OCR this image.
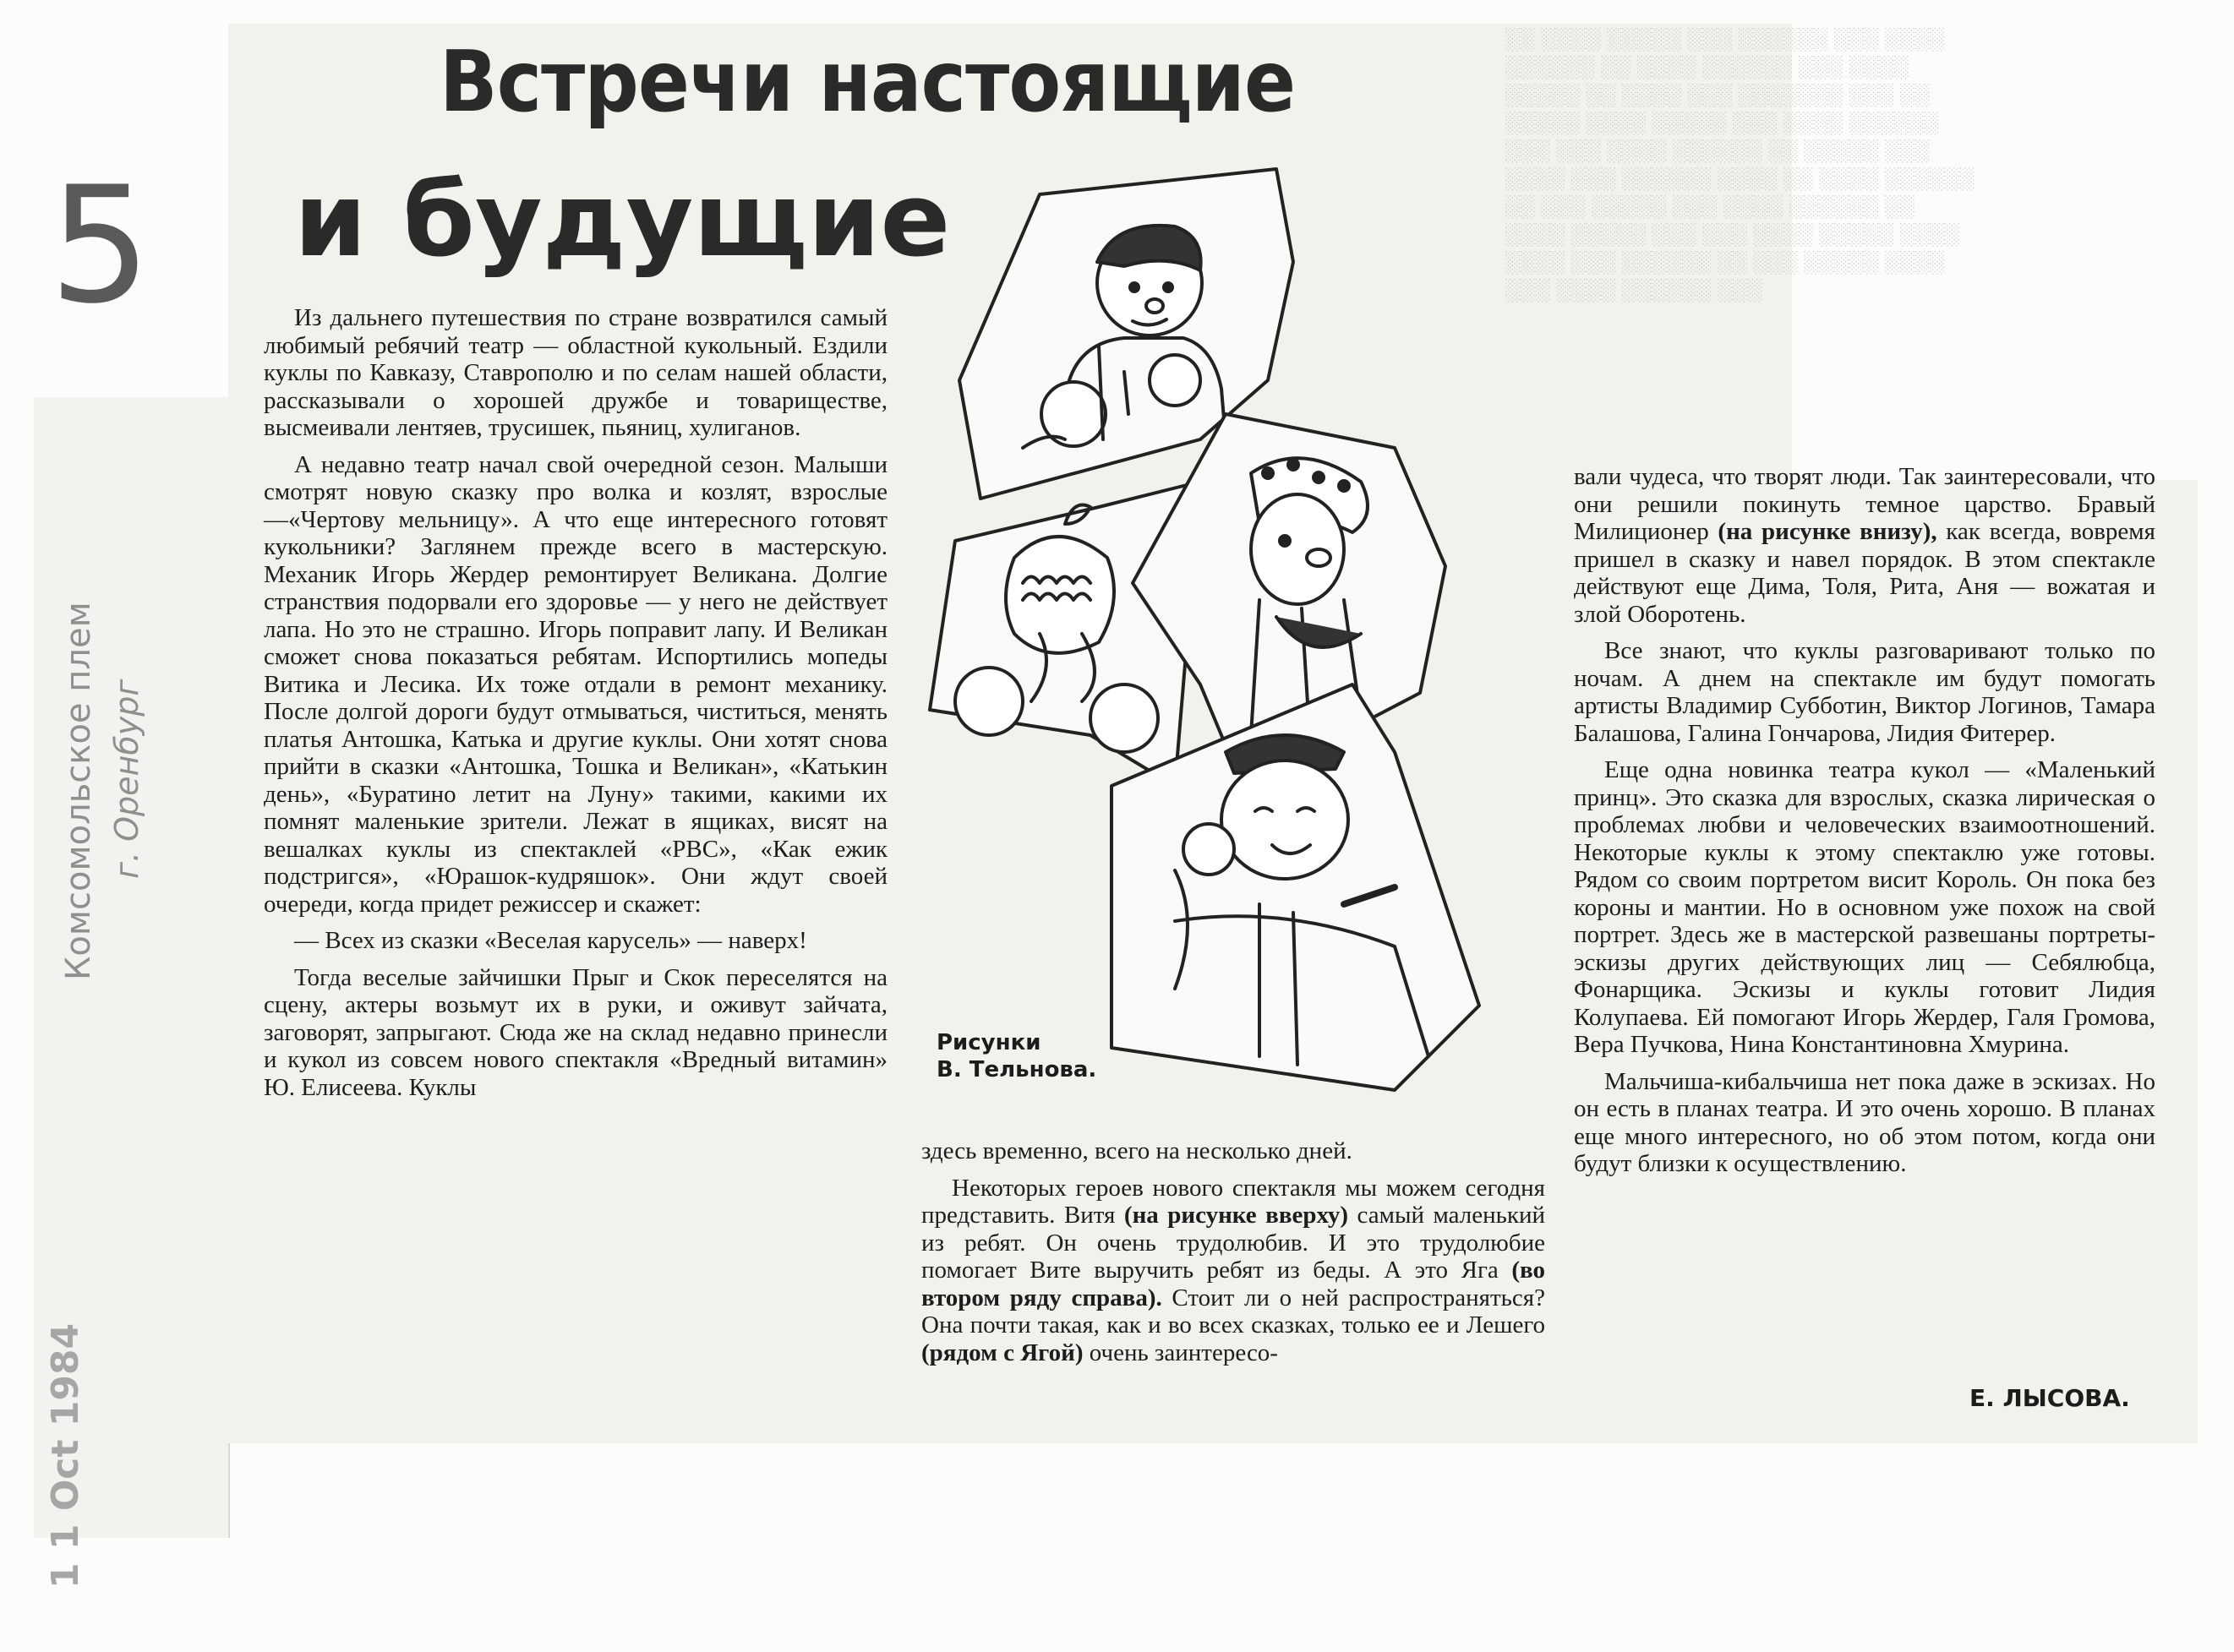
░░ ░░░░ ░░░░░ ░░░ ░░░░░░ ░░░ ░░░░ ░░░░░░ ░░ ░░░░ ░░░░░░ ░░░ ░░░░ ░░░░░ ░░ ░░░░ ░░░ ░░░░░░░ ░░░ ░░ ░░░░░ ░░░░ ░░░░░ ░░░ ░░░░ ░░░░░░ ░░░ ░░░ ░░░░ ░░░░░░ ░░ ░░░░░ ░░░ ░░░░ ░░░ ░░░░░░ ░░░░ ░░ ░░░░ ░░░░░░ ░░ ░░░ ░░░░░ ░░░ ░░░░ ░░░░░░ ░░ ░░░░ ░░░░░ ░░░ ░░░ ░░░░ ░░░░░ ░░░░ ░░░░ ░░░ ░░░░░░ ░░ ░░░ ░░░░░ ░░░░ ░░░ ░░░░ ░░░░░░ ░░░
5
Комсомольское плем г. Оренбург
1 1 Oct 1984
Встречи настоящие
и будущие

Из дальнего путешествия по стране возвратился самый любимый ребячий театр — областной кукольный. Ездили куклы по Кавказу, Ставрополю и по селам нашей области, рассказывали о хорошей дружбе и товариществе, высмеивали лентяев, трусишек, пьяниц, хулиганов.

А недавно театр начал свой очередной сезон. Малыши смотрят новую сказку про волка и козлят, взрослые—«Чертову мельницу». А что еще интересного готовят кукольники? Заглянем прежде всего в мастерскую. Механик Игорь Жердер ремонтирует Великана. Долгие странствия подорвали его здоровье — у него не действует лапа. Но это не страшно. Игорь поправит лапу. И Великан сможет снова показаться ребятам. Испортились мопеды Витика и Лесика. Их тоже отдали в ремонт механику. После долгой дороги будут отмываться, чиститься, менять платья Антошка, Катька и другие куклы. Они хотят снова прийти в сказки «Антошка, Тошка и Великан», «Катькин день», «Буратино летит на Луну» такими, какими их помнят маленькие зрители. Лежат в ящиках, висят на вешалках куклы из спектаклей «РВС», «Как ежик подстригся», «Юрашок-кудряшок». Они ждут своей очереди, когда придет режиссер и скажет:

— Всех из сказки «Веселая карусель» — наверх!

Тогда веселые зайчишки Прыг и Скок переселятся на сцену, актеры возьмут их в руки, и оживут зайчата, заговорят, запрыгают. Сюда же на склад недавно принесли и кукол из совсем нового спектакля «Вредный витамин» Ю. Елисеева. Куклы

Рисунки
В. Тельнова.

здесь временно, всего на несколько дней.

Некоторых героев нового спектакля мы можем сегодня представить. Витя (на рисунке вверху) самый маленький из ребят. Он очень трудолюбив. И это трудолюбие помогает Вите выручить ребят из беды. А это Яга (во втором ряду справа). Стоит ли о ней распространяться? Она почти такая, как и во всех сказках, только ее и Лешего (рядом с Ягой) очень заинтересо-

вали чудеса, что творят люди. Так заинтересовали, что они решили покинуть темное царство. Бравый Милиционер (на рисунке внизу), как всегда, вовремя пришел в сказку и навел порядок. В этом спектакле действуют еще Дима, Толя, Рита, Аня — вожатая и злой Оборотень.

Все знают, что куклы разговаривают только по ночам. А днем на спектакле им будут помогать артисты Владимир Субботин, Виктор Логинов, Тамара Балашова, Галина Гончарова, Лидия Фитерер.

Еще одна новинка театра кукол — «Маленький принц». Это сказка для взрослых, сказка лирическая о проблемах любви и человеческих взаимоотношений. Некоторые куклы к этому спектаклю уже готовы. Рядом со своим портретом висит Король. Он пока без короны и мантии. Но в основном уже похож на свой портрет. Здесь же в мастерской развешаны портреты-эскизы других действующих лиц — Себялюбца, Фонарщика. Эскизы и куклы готовит Лидия Колупаева. Ей помогают Игорь Жердер, Галя Громова, Вера Пучкова, Нина Константиновна Хмурина.

Мальчиша-кибальчиша нет пока даже в эскизах. Но он есть в планах театра. И это очень хорошо. В планах еще много интересного, но об этом потом, когда они будут близки к осуществлению.

Е. ЛЫСОВА.
